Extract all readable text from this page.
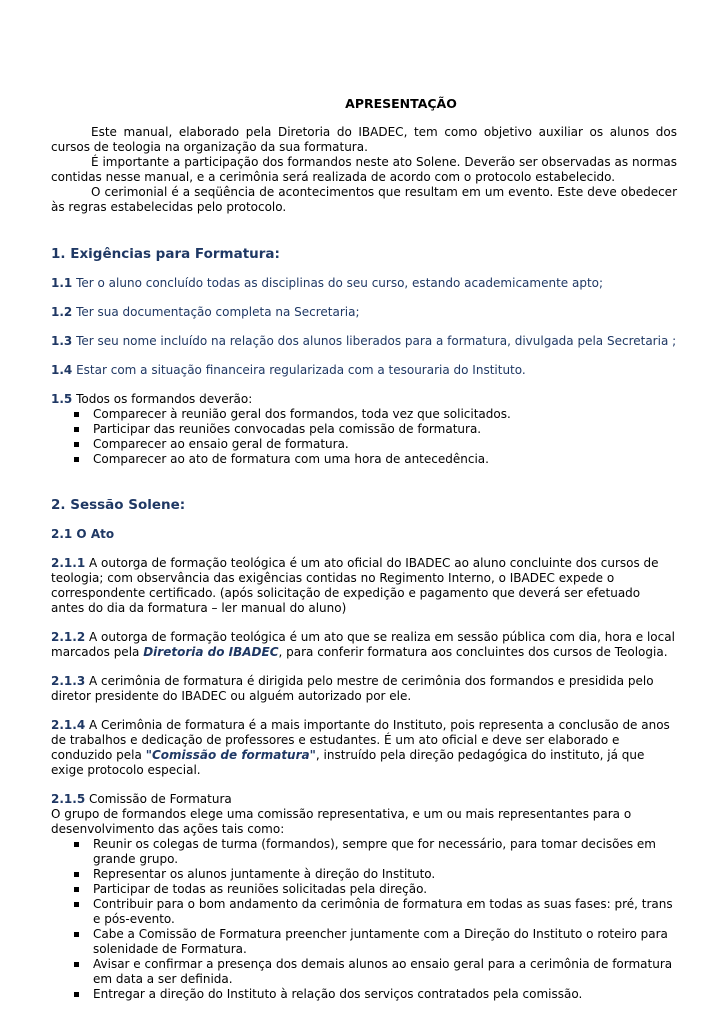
APRESENTAÇÃO

Este manual, elaborado pela Diretoria do IBADEC, tem como objetivo auxiliar os alunos dos cursos de teologia na organização da sua formatura.

É importante a participação dos formandos neste ato Solene. Deverão ser observadas as normas contidas nesse manual, e a cerimônia será realizada de acordo com o protocolo estabelecido.

O cerimonial é a seqüência de acontecimentos que resultam em um evento. Este deve obedecer às regras estabelecidas pelo protocolo.

1. Exigências para Formatura:
1.1 Ter o aluno concluído todas as disciplinas do seu curso, estando academicamente apto;
1.2 Ter sua documentação completa na Secretaria;
1.3 Ter seu nome incluído na relação dos alunos liberados para a formatura, divulgada pela Secretaria ;
1.4 Estar com a situação financeira regularizada com a tesouraria do Instituto.
1.5 Todos os formandos deverão:
Comparecer à reunião geral dos formandos, toda vez que solicitados.
Participar das reuniões convocadas pela comissão de formatura.
Comparecer ao ensaio geral de formatura.
Comparecer ao ato de formatura com uma hora de antecedência.
2. Sessão Solene:
2.1 O Ato
2.1.1 A outorga de formação teológica é um ato oficial do IBADEC ao aluno concluinte dos cursos de teologia; com observância das exigências contidas no Regimento Interno, o IBADEC expede o correspondente certificado. (após solicitação de expedição e pagamento que deverá ser efetuado antes do dia da formatura – ler manual do aluno)
2.1.2 A outorga de formação teológica é um ato que se realiza em sessão pública com dia, hora e local marcados pela Diretoria do IBADEC, para conferir formatura aos concluintes dos cursos de Teologia.
2.1.3 A cerimônia de formatura é dirigida pelo mestre de cerimônia dos formandos e presidida pelo diretor presidente do IBADEC ou alguém autorizado por ele.
2.1.4 A Cerimônia de formatura é a mais importante do Instituto, pois representa a conclusão de anos de trabalhos e dedicação de professores e estudantes. É um ato oficial e deve ser elaborado e conduzido pela "Comissão de formatura", instruído pela direção pedagógica do instituto, já que exige protocolo especial.
2.1.5 Comissão de Formatura
O grupo de formandos elege uma comissão representativa, e um ou mais representantes para o desenvolvimento das ações tais como:
Reunir os colegas de turma (formandos), sempre que for necessário, para tomar decisões em grande grupo.
Representar os alunos juntamente à direção do Instituto.
Participar de todas as reuniões solicitadas pela direção.
Contribuir para o bom andamento da cerimônia de formatura em todas as suas fases: pré, trans e pós-evento.
Cabe a Comissão de Formatura preencher juntamente com a Direção do Instituto o roteiro para solenidade de Formatura.
Avisar e confirmar a presença dos demais alunos ao ensaio geral para a cerimônia de formatura em data a ser definida.
Entregar a direção do Instituto à relação dos serviços contratados pela comissão.
